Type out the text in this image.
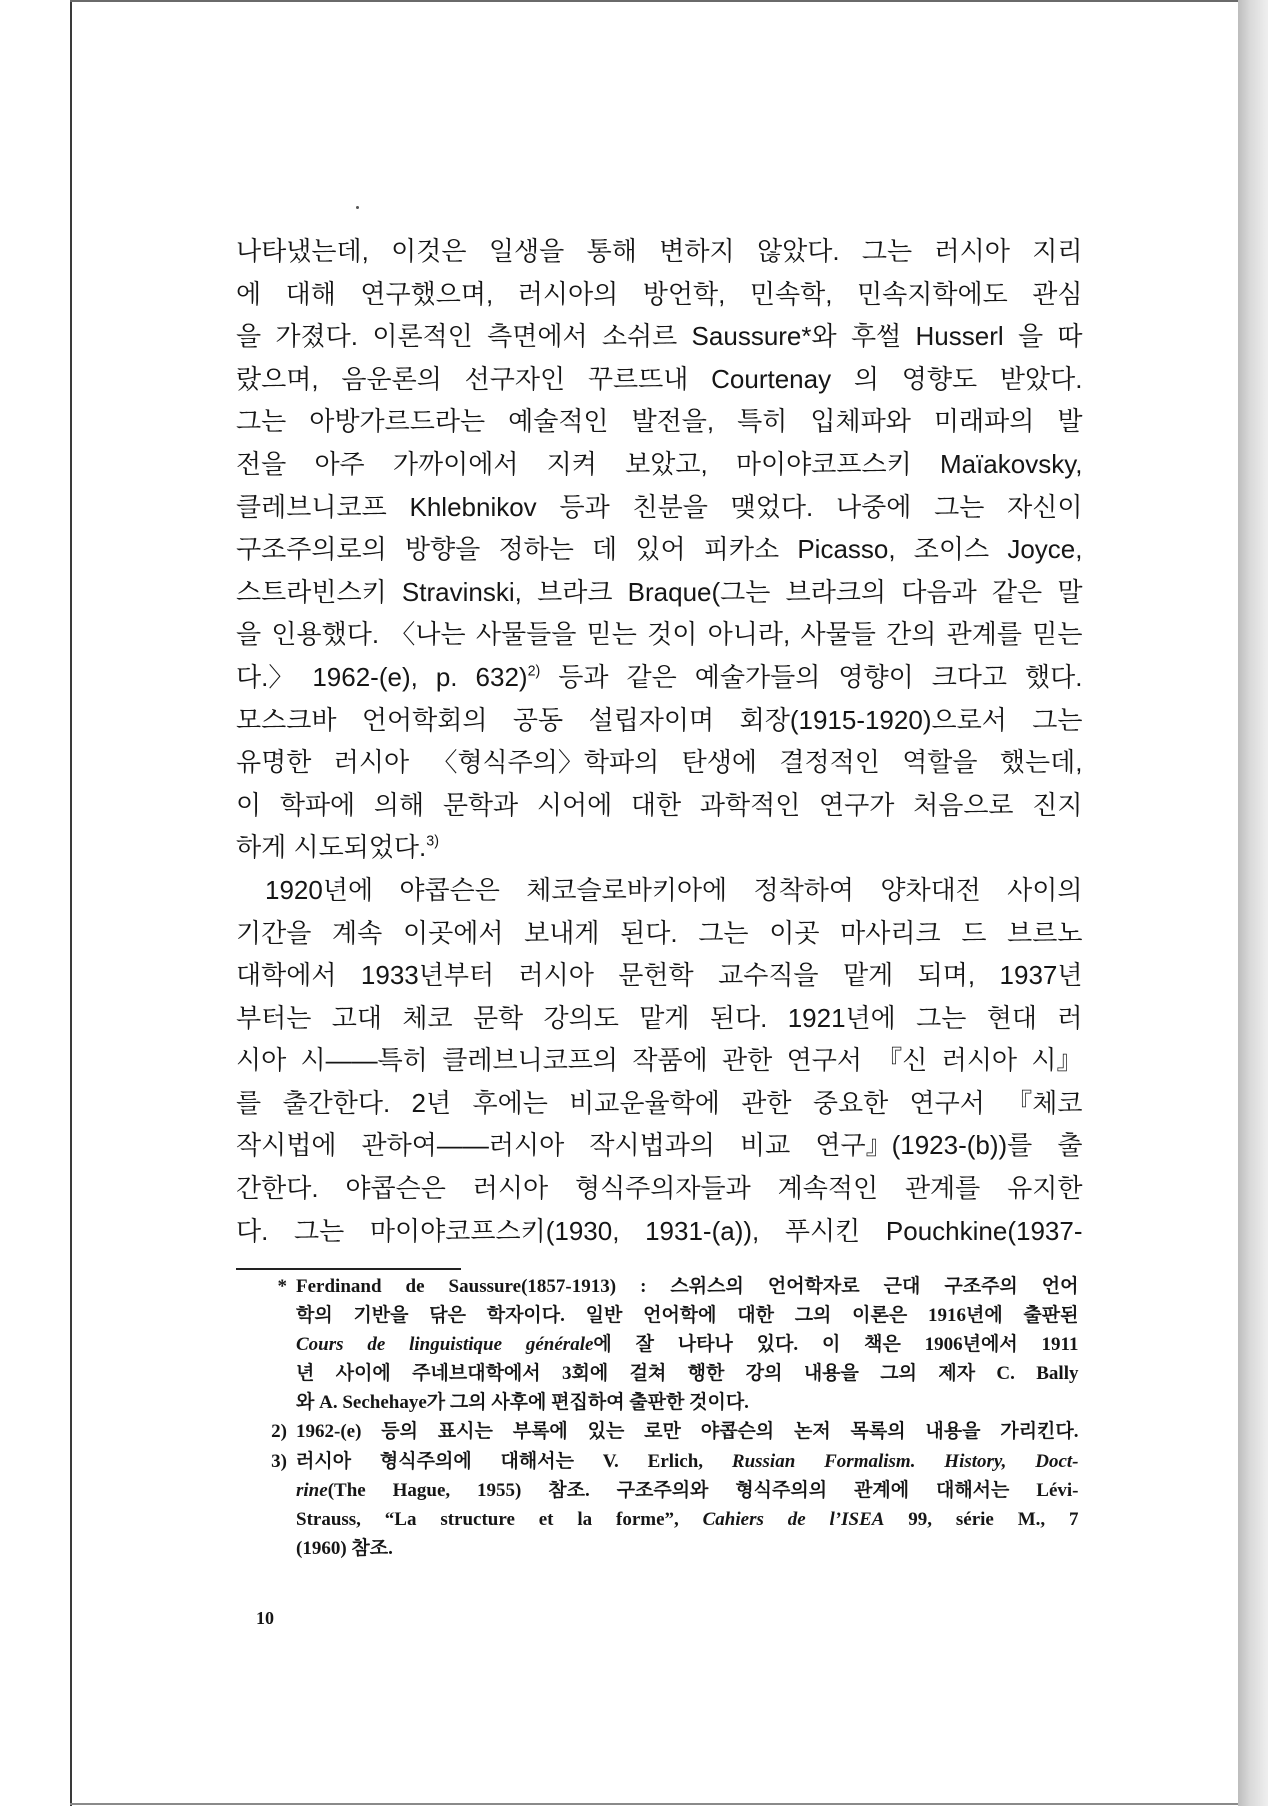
나타냈는데, 이것은 일생을 통해 변하지 않았다. 그는 러시아 지리
에 대해 연구했으며, 러시아의 방언학, 민속학, 민속지학에도 관심
을 가졌다. 이론적인 측면에서 소쉬르 Saussure*와 후썰 Husserl 을 따
랐으며, 음운론의 선구자인 꾸르뜨내 Courtenay 의 영향도 받았다.
그는 아방가르드라는 예술적인 발전을, 특히 입체파와 미래파의 발
전을 아주 가까이에서 지켜 보았고, 마이야코프스키 Maïakovsky,
클레브니코프 Khlebnikov 등과 친분을 맺었다. 나중에 그는 자신이
구조주의로의 방향을 정하는 데 있어 피카소 Picasso, 조이스 Joyce,
스트라빈스키 Stravinski, 브라크 Braque(그는 브라크의 다음과 같은 말
을 인용했다. 〈나는 사물들을 믿는 것이 아니라, 사물들 간의 관계를 믿는
다.〉 1962-(e), p. 632)$^{2)}$ 등과 같은 예술가들의 영향이 크다고 했다.
모스크바 언어학회의 공동 설립자이며 회장(1915-1920)으로서 그는
유명한 러시아 〈형식주의〉학파의 탄생에 결정적인 역할을 했는데,
이 학파에 의해 문학과 시어에 대한 과학적인 연구가 처음으로 진지
하게 시도되었다.$^{3)}$
1920년에 야콥슨은 체코슬로바키아에 정착하여 양차대전 사이의
기간을 계속 이곳에서 보내게 된다. 그는 이곳 마사리크 드 브르노
대학에서 1933년부터 러시아 문헌학 교수직을 맡게 되며, 1937년
부터는 고대 체코 문학 강의도 맡게 된다. 1921년에 그는 현대 러
시아 시——특히 클레브니코프의 작품에 관한 연구서 『신 러시아 시』
를 출간한다. 2년 후에는 비교운율학에 관한 중요한 연구서 『체코
작시법에 관하여——러시아 작시법과의 비교 연구』(1923-(b))를 출
간한다. 야콥슨은 러시아 형식주의자들과 계속적인 관계를 유지한
다. 그는 마이야코프스키(1930, 1931-(a)), 푸시킨 Pouchkine(1937-
* Ferdinand de Saussure(1857-1913) : 스위스의 언어학자로 근대 구조주의 언어
학의 기반을 닦은 학자이다. 일반 언어학에 대한 그의 이론은 1916년에 출판된
Cours de linguistique générale에 잘 나타나 있다. 이 책은 1906년에서 1911
년 사이에 주네브대학에서 3회에 걸쳐 행한 강의 내용을 그의 제자 C. Bally
와 A. Sechehaye가 그의 사후에 편집하여 출판한 것이다.
2) 1962-(e) 등의 표시는 부록에 있는 로만 야콥슨의 논저 목록의 내용을 가리킨다.
3) 러시아 형식주의에 대해서는 V. Erlich, Russian Formalism. History, Doct-
rine(The Hague, 1955) 참조. 구조주의와 형식주의의 관계에 대해서는 Lévi-
Strauss, “La structure et la forme”, Cahiers de l’ISEA 99, série M., 7
(1960) 참조.
10
